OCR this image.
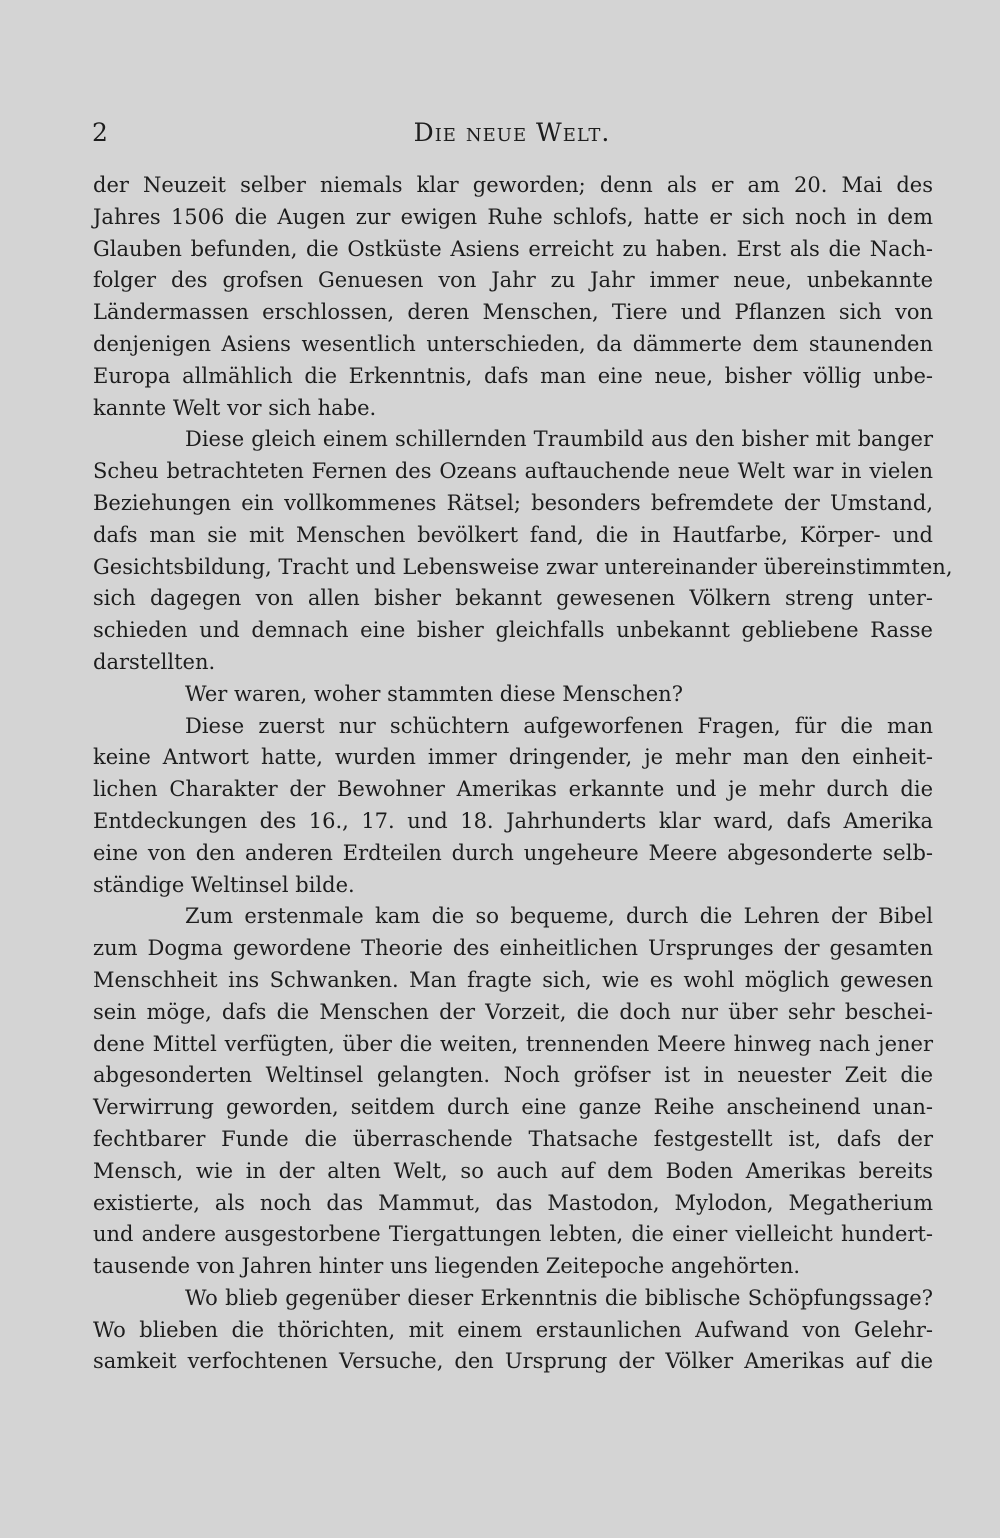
2	Die neue Welt.
der Neuzeit selber niemals klar geworden; denn als er am 20. Mai des
Jahres 1506 die Augen zur ewigen Ruhe schlofs, hatte er sich noch in dem
Glauben befunden, die Ostküste Asiens erreicht zu haben. Erst als die Nach-
folger des grofsen Genuesen von Jahr zu Jahr immer neue, unbekannte
Ländermassen erschlossen, deren Menschen, Tiere und Pflanzen sich von
denjenigen Asiens wesentlich unterschieden, da dämmerte dem staunenden
Europa allmählich die Erkenntnis, dafs man eine neue, bisher völlig unbe-
kannte Welt vor sich habe.
Diese gleich einem schillernden Traumbild aus den bisher mit banger
Scheu betrachteten Fernen des Ozeans auftauchende neue Welt war in vielen
Beziehungen ein vollkommenes Rätsel; besonders befremdete der Umstand,
dafs man sie mit Menschen bevölkert fand, die in Hautfarbe, Körper- und
Gesichtsbildung, Tracht und Lebensweise zwar untereinander übereinstimmten,
sich dagegen von allen bisher bekannt gewesenen Völkern streng unter-
schieden und demnach eine bisher gleichfalls unbekannt gebliebene Rasse
darstellten.
Wer waren, woher stammten diese Menschen?
Diese zuerst nur schüchtern aufgeworfenen Fragen, für die man
keine Antwort hatte, wurden immer dringender, je mehr man den einheit-
lichen Charakter der Bewohner Amerikas erkannte und je mehr durch die
Entdeckungen des 16., 17. und 18. Jahrhunderts klar ward, dafs Amerika
eine von den anderen Erdteilen durch ungeheure Meere abgesonderte selb-
ständige Weltinsel bilde.
Zum erstenmale kam die so bequeme, durch die Lehren der Bibel
zum Dogma gewordene Theorie des einheitlichen Ursprunges der gesamten
Menschheit ins Schwanken. Man fragte sich, wie es wohl möglich gewesen
sein möge, dafs die Menschen der Vorzeit, die doch nur über sehr beschei-
dene Mittel verfügten, über die weiten, trennenden Meere hinweg nach jener
abgesonderten Weltinsel gelangten. Noch gröfser ist in neuester Zeit die
Verwirrung geworden, seitdem durch eine ganze Reihe anscheinend unan-
fechtbarer Funde die überraschende Thatsache festgestellt ist, dafs der
Mensch, wie in der alten Welt, so auch auf dem Boden Amerikas bereits
existierte, als noch das Mammut, das Mastodon, Mylodon, Megatherium
und andere ausgestorbene Tiergattungen lebten, die einer vielleicht hundert-
tausende von Jahren hinter uns liegenden Zeitepoche angehörten.
Wo blieb gegenüber dieser Erkenntnis die biblische Schöpfungssage?
Wo blieben die thörichten, mit einem erstaunlichen Aufwand von Gelehr-
samkeit verfochtenen Versuche, den Ursprung der Völker Amerikas auf die
